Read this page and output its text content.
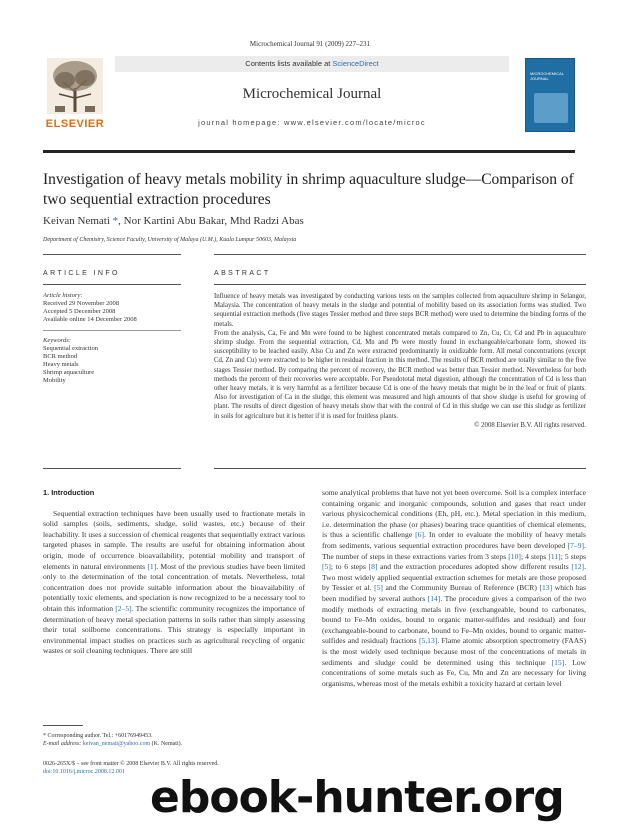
Microchemical Journal 91 (2009) 227–231
ELSEVIER
Contents lists available at ScienceDirect
Microchemical Journal
journal homepage: www.elsevier.com/locate/microc
MICROCHEMICAL JOURNAL
Investigation of heavy metals mobility in shrimp aquaculture sludge—Comparison of two sequential extraction procedures
Keivan Nemati *, Nor Kartini Abu Bakar, Mhd Radzi Abas
Department of Chemistry, Science Faculty, University of Malaya (U.M.), Kuala Lumpur 50603, Malaysia
ARTICLE INFO	ABSTRACT
Article history:
Received 29 November 2008
Accepted 5 December 2008
Available online 14 December 2008
Keywords:
Sequential extraction
BCR method
Heavy metals
Shrimp aquaculture
Mobility

Influence of heavy metals was investigated by conducting various tests on the samples collected from aquaculture shrimp in Selangor, Malaysia. The concentration of heavy metals in the sludge and potential of mobility based on its association forms was studied. Two sequential extraction methods (five stages Tessier method and three steps BCR method) were used to determine the binding forms of the metals.

From the analysis, Ca, Fe and Mn were found to be highest concentrated metals compared to Zn, Cu, Cr, Cd and Pb in aquaculture shrimp sludge. From the sequential extraction, Cd, Mn and Pb were mostly found in exchangeable/carbonate form, showed its susceptibility to be leached easily. Also Cu and Zn were extracted predominantly in oxidizable form. All metal concentrations (except Cd, Zn and Cu) were extracted to be higher in residual fraction in this method. The results of BCR method are totally similar to the five stages Tessier method. By comparing the percent of recovery, the BCR method was better than Tessier method. Nevertheless for both methods the percent of their recoveries were acceptable. For Pseudototal metal digestion, although the concentration of Cd is less than other heavy metals, it is very harmful as a fertilizer because Cd is one of the heavy metals that might be in the leaf or fruit of plants. Also for investigation of Ca in the sludge, this element was measured and high amounts of that show sludge is useful for growing of plant. The results of direct digestion of heavy metals show that with the control of Cd in this sludge we can use this sludge as fertilizer in soils for agriculture but it is better if it is used for fruitless plants.

© 2008 Elsevier B.V. All rights reserved.

1. Introduction

Sequential extraction techniques have been usually used to fractionate metals in solid samples (soils, sediments, sludge, solid wastes, etc.) because of their leachability. It uses a succession of chemical reagents that sequentially extract various targeted phases in sample. The results are useful for obtaining information about origin, mode of occurrence bioavailability, potential mobility and transport of elements in natural environments [1]. Most of the previous studies have been limited only to the determination of the total concentration of metals. Nevertheless, total concentration does not provide suitable information about the bioavailability of potentially toxic elements, and speciation is now recognized to be a necessary tool to obtain this information [2–5]. The scientific community recognizes the importance of determination of heavy metal speciation patterns in soils rather than simply assessing their total soilborne concentrations. This strategy is especially important in environmental impact studies on practices such as agricultural recycling of organic wastes or soil cleaning techniques. There are still

some analytical problems that have not yet been overcome. Soil is a complex interface containing organic and inorganic compounds, solution and gases that react under various physicochemical conditions (Eh, pH, etc.). Metal speciation in this medium, i.e. determination the phase (or phases) bearing trace quantities of chemical elements, is thus a scientific challenge [6]. In order to evaluate the mobility of heavy metals from sediments, various sequential extraction procedures have been developed [7–9]. The number of steps in these extractions varies from 3 steps [10]; 4 steps [11]; 5 steps [5]; to 6 steps [8] and the extraction procedures adopted show different results [12]. Two most widely applied sequential extraction schemes for metals are those proposed by Tessier et al. [5] and the Community Bureau of Reference (BCR) [13] which has been modified by several authors [14]. The procedure gives a comparison of the two modify methods of extracting metals in five (exchangeable, bound to carbonates, bound to Fe–Mn oxides, bound to organic matter-sulfides and residual) and four (exchangeable-bound to carbonate, bound to Fe–Mn oxides, bound to organic matter-sulfides and residual) fractions [5,13]. Flame atomic absorption spectrometry (FAAS) is the most widely used technique because most of the concentrations of metals in sediments and sludge could be determined using this technique [15]. Low concentrations of some metals such as Fe, Cu, Mn and Zn are necessary for living organisms, whereas most of the metals exhibit a toxicity hazard at certain level

* Corresponding author. Tel.: +60176949453.
E-mail address: keivan_nemati@yahoo.com (K. Nemati).
0026-265X/$ – see front matter © 2008 Elsevier B.V. All rights reserved.
doi:10.1016/j.microc.2008.12.001 ebook-hunter.org
